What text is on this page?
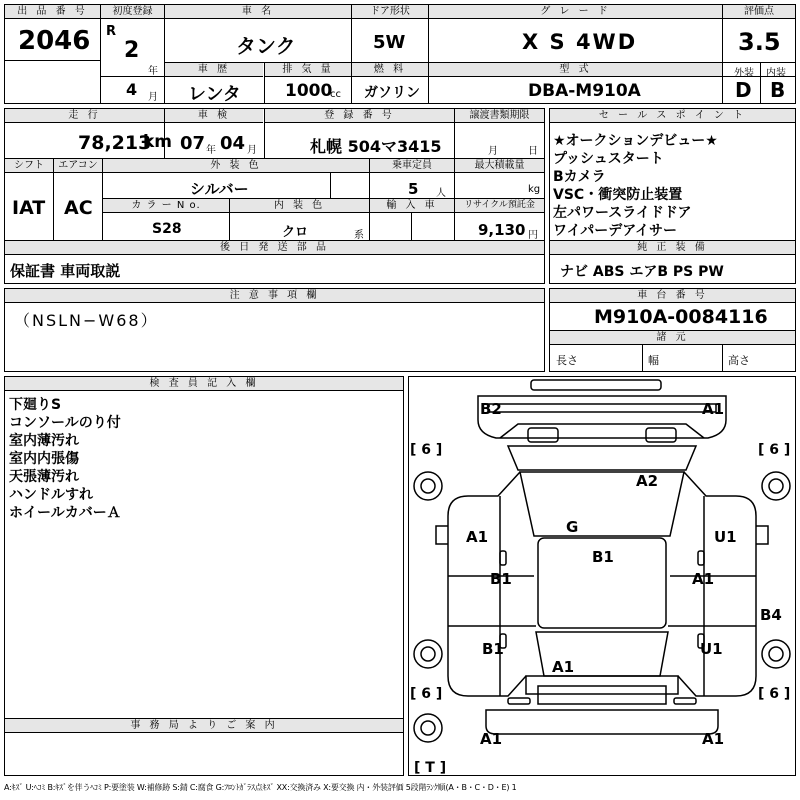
出 品 番 号
2046
初度登録
R
2
年
4 月
車 名
タンク
ドア形状
5W
グ レ ー ド
X S 4WD
評価点
3.5
外装 内装
D B
車 歴
レンタ
排 気 量
1000
cc
燃 料
ガソリン
型 式
DBA-M910A
走 行
78,213
km
車 検
07 年 04 月
登 録 番 号
札幌 504マ3415
譲渡書類期限
月	日
シフト
IAT
エアコン
AC
外 装 色
シルバー
乗車定員
5 人
最大積載量
kg
カ ラ ー N o.
S28
内 装 色
クロ	系
輸 入 車	リサイクル預託金
9,130 円
後 日 発 送 部 品
保証書 車両取説
セ ー ル ス ポ イ ン ト
★オークションデビュー★
プッシュスタート
Bカメラ
VSC・衝突防止装置
左パワースライドドア
ワイパーデアイサー
純 正 装 備
ナビ ABS エアB PS PW
注 意 事 項 欄
（NSLN−W68）
車 台 番 号
M910A-0084116
諸 元
長さ	幅	高さ
検 査 員 記 入 欄
下廻りS
コンソールのり付
室内薄汚れ
室内内張傷
天張薄汚れ
ハンドルすれ
ホイールカバーＡ
事 務 局 よ り ご 案 内
B2	A1
A2
A1
G
U1
B1
B1	A1
B4
B1	U1
A1
A1	A1
[ 6 ]	[ 6 ]
[ 6 ]	[ 6 ]
[ T ]
A:ｷｽﾞ U:ﾍｺﾐ B:ｷｽﾞを伴うﾍｺﾐ P:要塗装 W:補修跡 S:錆 C:腐食 G:ﾌﾛﾝﾄｶﾞﾗｽ点ｷｽﾞ XX:交換済み X:要交換 内・外装評価 5段階ﾗﾝｸ順(A・B・C・D・E) 1
